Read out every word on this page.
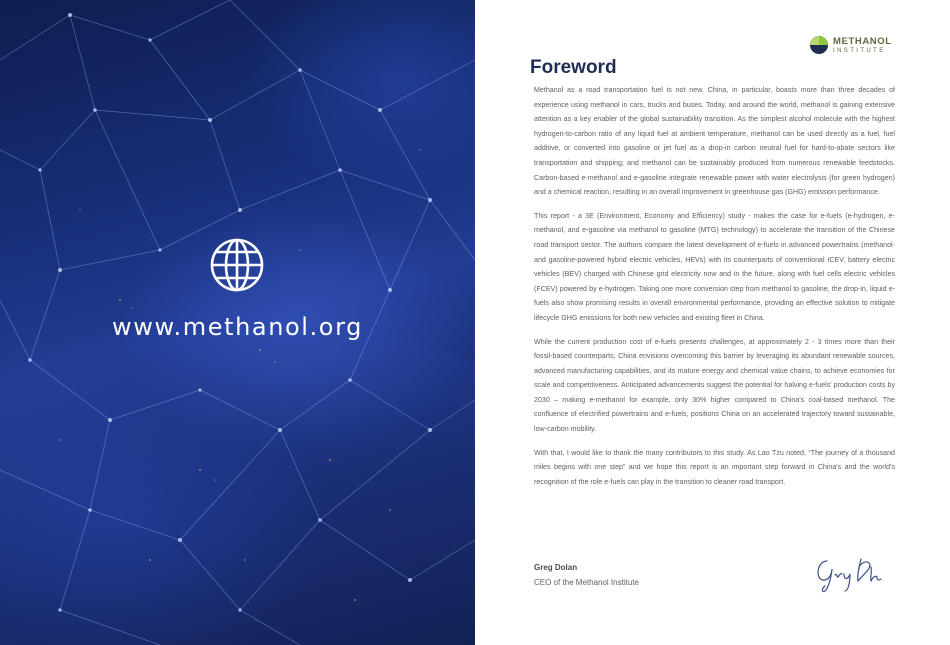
www.methanol.org
METHANOL
INSTITUTE
Foreword

Methanol as a road transportation fuel is not new. China, in particular, boasts more than three decades of experience using methanol in cars, trucks and buses. Today, and around the world, methanol is gaining extensive attention as a key enabler of the global sustainability transition. As the simplest alcohol molecule with the highest hydrogen-to-carbon ratio of any liquid fuel at ambient temperature, methanol can be used directly as a fuel, fuel additive, or converted into gasoline or jet fuel as a drop-in carbon neutral fuel for hard-to-abate sectors like transportation and shipping; and methanol can be sustainably produced from numerous renewable feedstocks. Carbon-based e-methanol and e-gasoline integrate renewable power with water electrolysis (for green hydrogen) and a chemical reaction, resulting in an overall improvement in greenhouse gas (GHG) emission performance.

This report - a 3E (Environment, Economy and Efficiency) study - makes the case for e-fuels (e-hydrogen, e-methanol, and e-gasoline via methanol to gasoline (MTG) technology) to accelerate the transition of the Chinese road transport sector. The authors compare the latest development of e-fuels in advanced powertrains (methanol- and gasoline-powered hybrid electric vehicles, HEVs) with its counterparts of conventional ICEV, battery electric vehicles (BEV) charged with Chinese grid electricity now and in the future, along with fuel cells electric vehicles (FCEV) powered by e-hydrogen. Taking one more conversion step from methanol to gasoline, the drop-in, liquid e-fuels also show promising results in overall environmental performance, providing an effective solution to mitigate lifecycle GHG emissions for both new vehicles and existing fleet in China.

While the current production cost of e-fuels presents challenges, at approximately 2 - 3 times more than their fossil-based counterparts, China envisions overcoming this barrier by leveraging its abundant renewable sources, advanced manufacturing capabilities, and its mature energy and chemical value chains, to achieve economies for scale and competitiveness. Anticipated advancements suggest the potential for halving e-fuels' production costs by 2030 – making e-methanol for example, only 30% higher compared to China's coal-based methanol. The confluence of electrified powertrains and e-fuels, positions China on an accelerated trajectory toward sustainable, low-carbon mobility.

With that, I would like to thank the many contributors to this study. As Lao Tzu noted, “The journey of a thousand miles begins with one step” and we hope this report is an important step forward in China's and the world's recognition of the role e-fuels can play in the transition to cleaner road transport.

Greg Dolan
CEO of the Methanol Institute
